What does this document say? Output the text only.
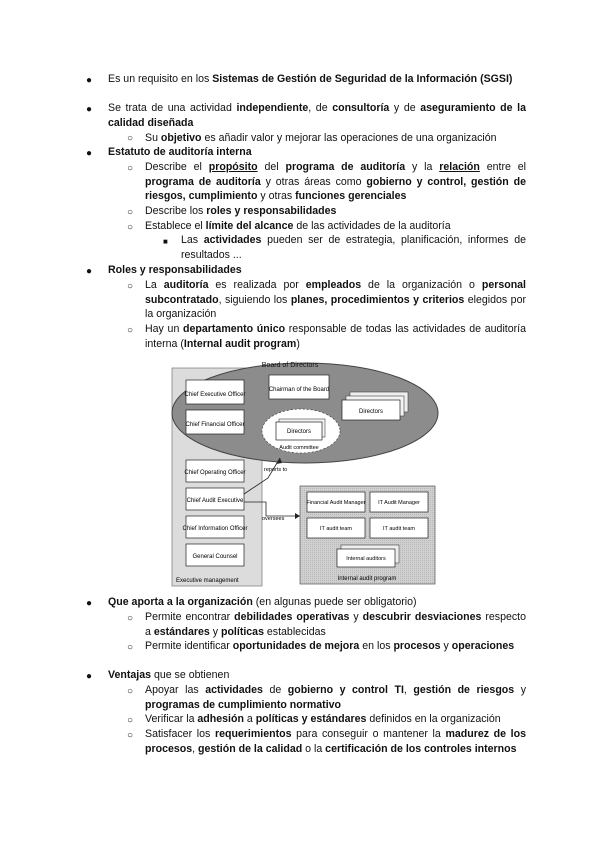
● Es un requisito en los Sistemas de Gestión de Seguridad de la Información (SGSI)
● Se trata de una actividad independiente, de consultoría y de aseguramiento de la calidad diseñada
○ Su objetivo es añadir valor y mejorar las operaciones de una organización
● Estatuto de auditoría interna
○ Describe el propósito del programa de auditoría y la relación entre el programa de auditoría y otras áreas como gobierno y control, gestión de riesgos, cumplimiento y otras funciones gerenciales
○ Describe los roles y responsabilidades
○ Establece el límite del alcance de las actividades de la auditoría
■ Las actividades pueden ser de estrategia, planificación, informes de resultados ...
● Roles y responsabilidades
○ La auditoría es realizada por empleados de la organización o personal subcontratado, siguiendo los planes, procedimientos y criterios elegidos por la organización
○ Hay un departamento único responsable de todas las actividades de auditoría interna (Internal audit program)
Board of Directors
Chief Executive Officer
Chief Financial Officer
Chairman of the Board
Directors
Directors
Audit committee
Chief Operating Officer
Chief Audit Executive
Chief Information Officer
General Counsel
Executive management
reports to
oversees
Financial Audit Manager IT Audit Manager
IT audit team	IT audit team
Internal auditors
Internal audit program
● Que aporta a la organización (en algunas puede ser obligatorio)
○ Permite encontrar debilidades operativas y descubrir desviaciones respecto a estándares y políticas establecidas
○ Permite identificar oportunidades de mejora en los procesos y operaciones
● Ventajas que se obtienen
○ Apoyar las actividades de gobierno y control TI, gestión de riesgos y programas de cumplimiento normativo
○ Verificar la adhesión a políticas y estándares definidos en la organización
○ Satisfacer los requerimientos para conseguir o mantener la madurez de los procesos, gestión de la calidad o la certificación de los controles internos
